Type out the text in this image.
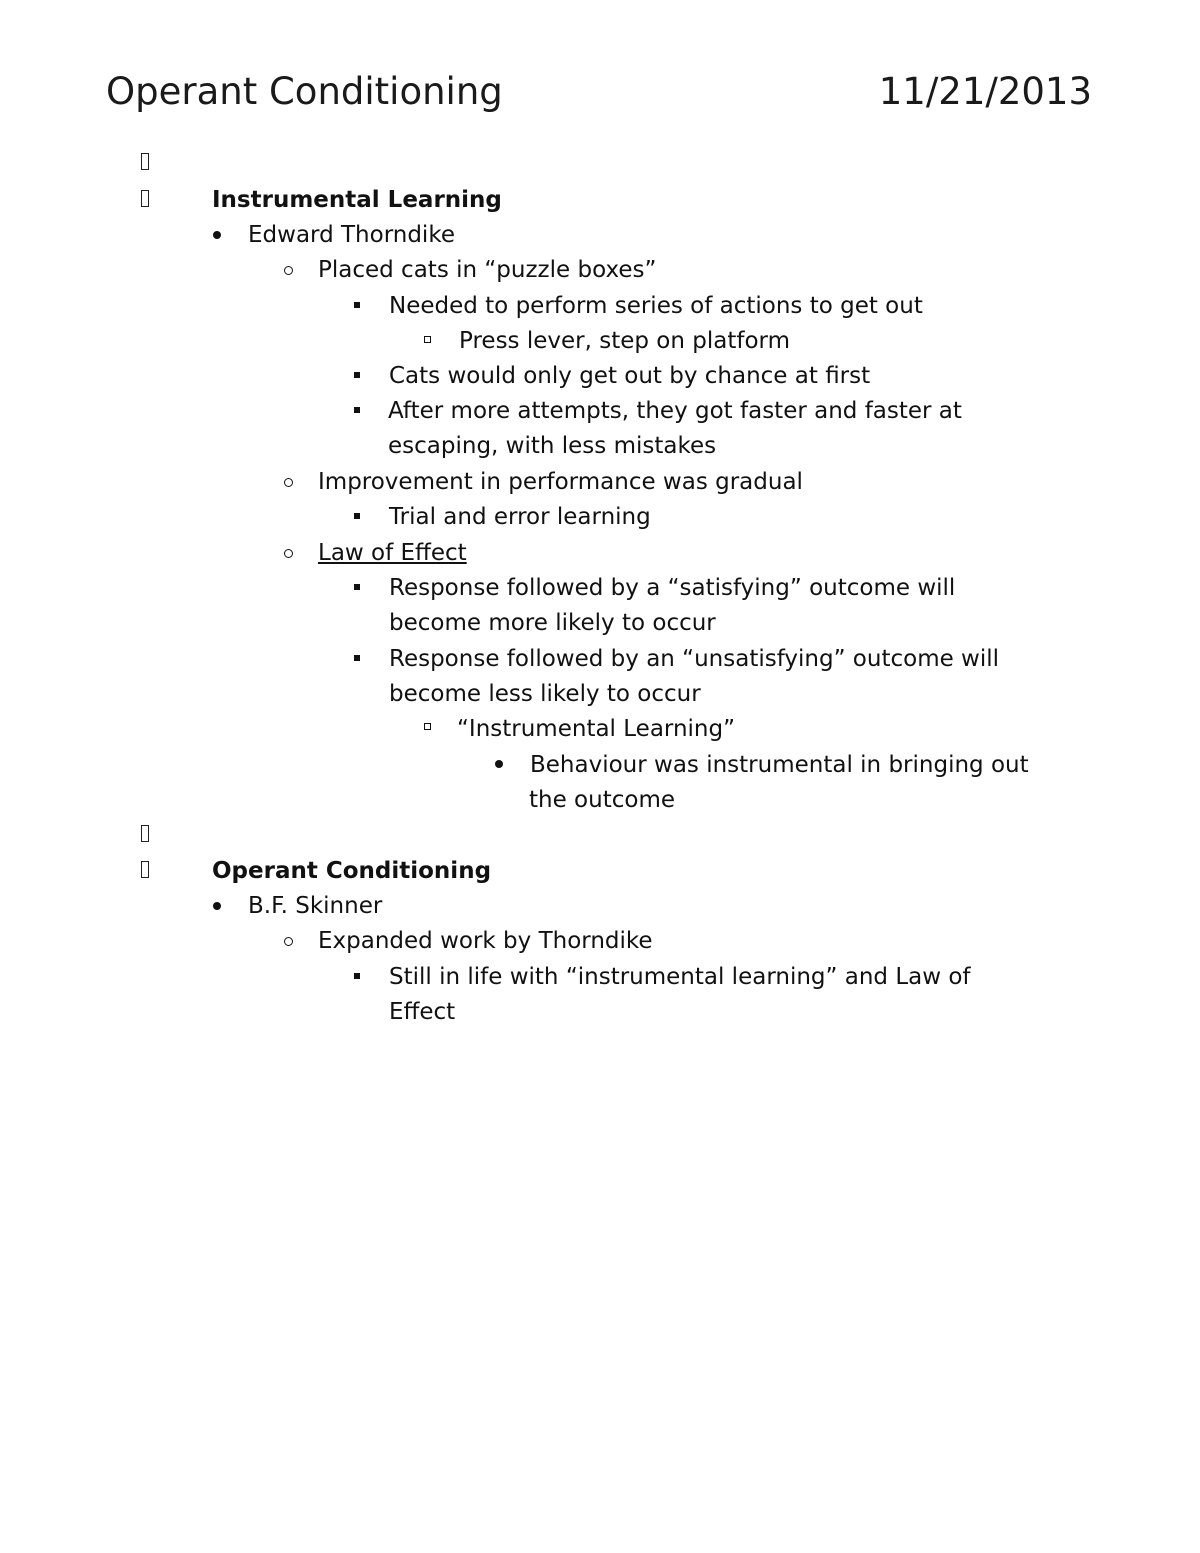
Operant Conditioning	11/21/2013
Instrumental Learning
Edward Thorndike
Placed cats in “puzzle boxes”
Needed to perform series of actions to get out
Press lever, step on platform
Cats would only get out by chance at first
After more attempts, they got faster and faster at
escaping, with less mistakes
Improvement in performance was gradual
Trial and error learning
Law of Effect
Response followed by a “satisfying” outcome will
become more likely to occur
Response followed by an “unsatisfying” outcome will
become less likely to occur
“Instrumental Learning”
Behaviour was instrumental in bringing out
the outcome
Operant Conditioning
B.F. Skinner
Expanded work by Thorndike
Still in life with “instrumental learning” and Law of
Effect
